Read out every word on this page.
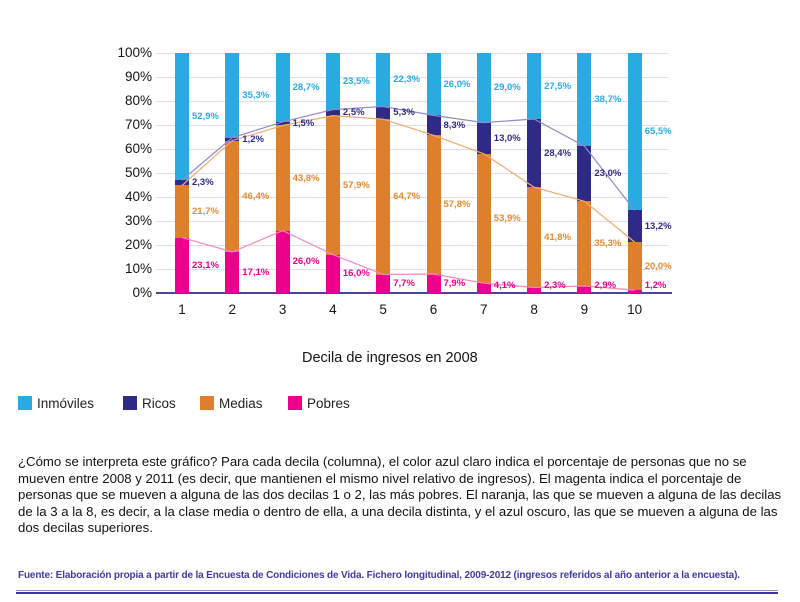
0%
10%
20%
30%
40%
50%
60%
70%
80%
90%
100%
23,1%
21,7%
2,3%
52,9%
17,1%
46,4%
1,2%
35,3%
26,0%
43,8%
1,5%
28,7%
16,0%
57,9%
2,5%
23,5%
7,7%
64,7%
5,3%
22,3%
7,9%
57,8%
8,3%
26,0%
4,1%
53,9%
13,0%
29,0%
2,3%
41,8%
28,4%
27,5%
2,9%
35,3%
23,0%
38,7%
1,2%
20,0%
13,2%
65,5%
1	2	3	4	5	6	7	8	9	10
Decila de ingresos en 2008
Inmóviles	Ricos	Medias	Pobres

¿Cómo se interpreta este gráfico? Para cada decila (columna), el color azul claro indica el porcentaje de personas que no se mueven entre 2008 y 2011 (es decir, que mantienen el mismo nivel relativo de ingresos). El magenta indica el porcentaje de personas que se mueven a alguna de las dos decilas 1 o 2, las más pobres. El naranja, las que se mueven a alguna de las decilas de la 3 a la 8, es decir, a la clase media o dentro de ella, a una decila distinta, y el azul oscuro, las que se mueven a alguna de las dos decilas superiores.

Fuente: Elaboración propia a partir de la Encuesta de Condiciones de Vida. Fichero longitudinal, 2009-2012 (ingresos referidos al año anterior a la encuesta).
